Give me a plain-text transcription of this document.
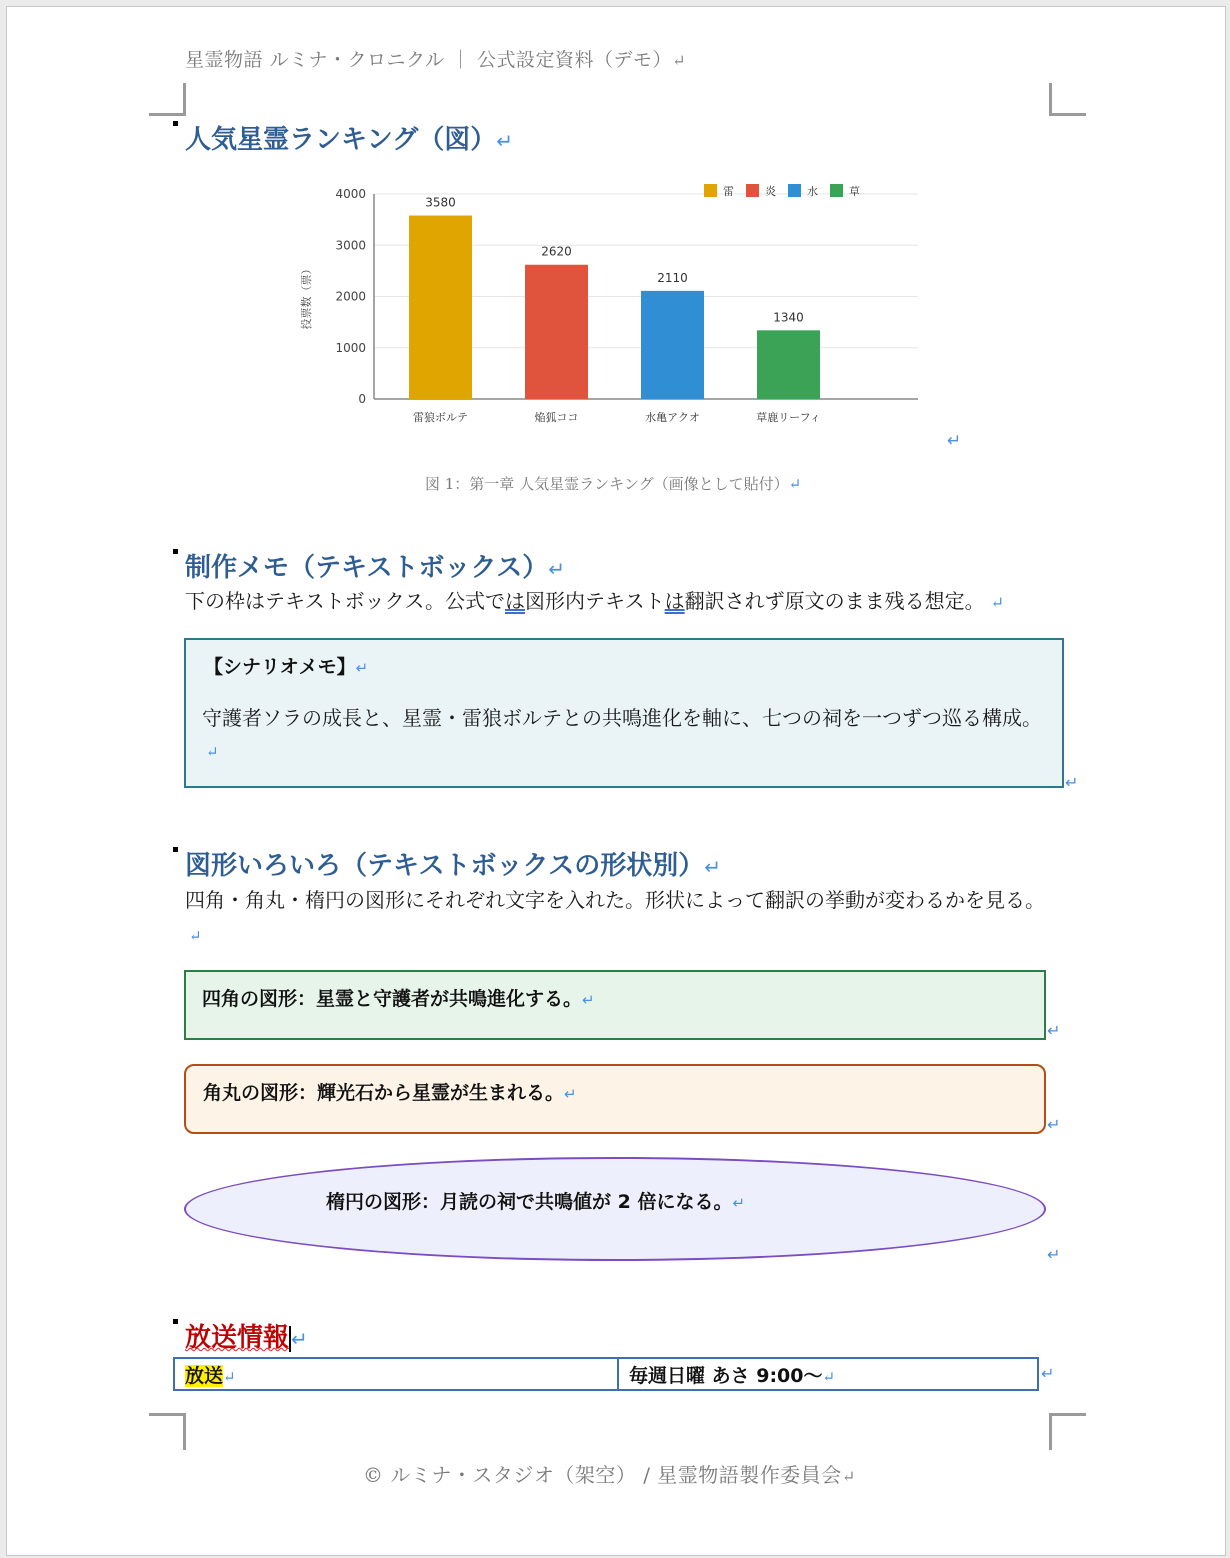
星霊物語 ルミナ・クロニクル ｜ 公式設定資料（デモ）↵
人気星霊ランキング（図）↵
0
1000
2000
3000
4000
3580
雷狼ボルテ
2620
焔狐ココ
2110
水亀アクオ
1340
草鹿リーフィ
投票数（票）
雷	炎	水	草
↵
図 1：第一章 人気星霊ランキング（画像として貼付）↵
制作メモ（テキストボックス）↵
下の枠はテキストボックス。公式では図形内テキストは翻訳されず原文のまま残る想定。 ↵
【シナリオメモ】↵
守護者ソラの成長と、星霊・雷狼ボルテとの共鳴進化を軸に、七つの祠を一つずつ巡る構成。↵
↵
図形いろいろ（テキストボックスの形状別）↵
四角・角丸・楕円の図形にそれぞれ文字を入れた。形状によって翻訳の挙動が変わるかを見る。↵
四角の図形：星霊と守護者が共鳴進化する。↵
↵
角丸の図形：輝光石から星霊が生まれる。↵
↵
楕円の図形：月読の祠で共鳴値が 2 倍になる。↵
↵
放送情報 ↵
放送↵	毎週日曜 あさ 9:00〜↵	↵
© ルミナ・スタジオ（架空） / 星霊物語製作委員会↵
